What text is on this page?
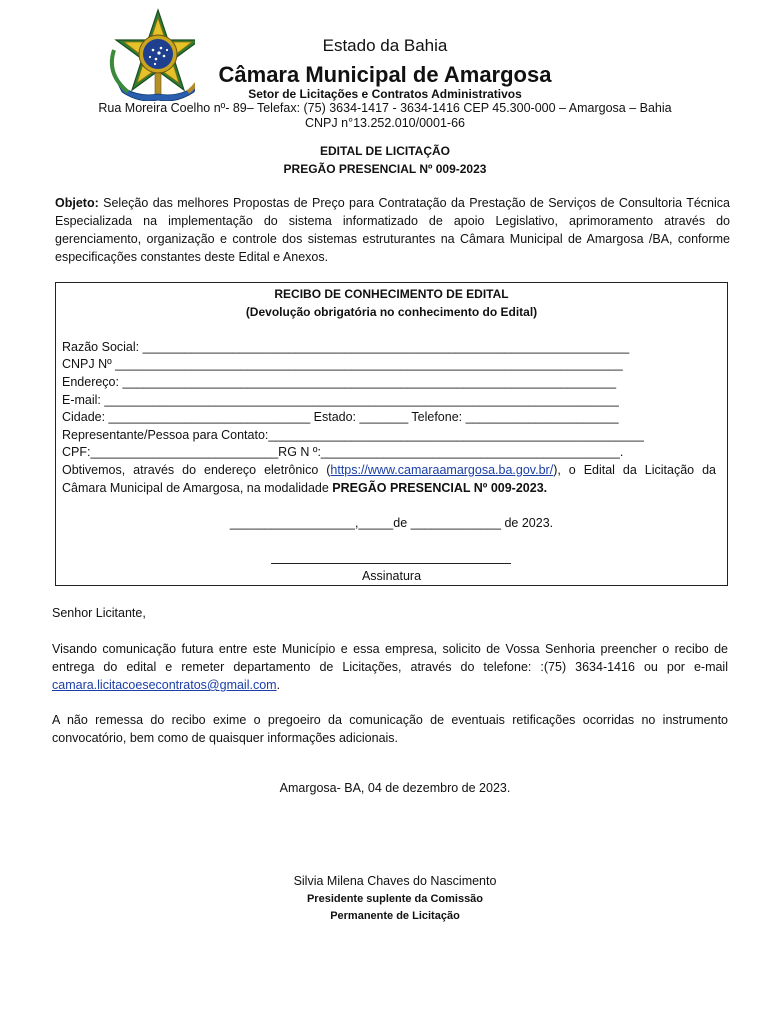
Estado da Bahia
Câmara Municipal de Amargosa
Setor de Licitações e Contratos Administrativos
Rua Moreira Coelho nº- 89– Telefax: (75) 3634-1417 - 3634-1416 CEP 45.300-000 – Amargosa – Bahia
CNPJ n°13.252.010/0001-66
EDITAL DE LICITAÇÃO
PREGÃO PRESENCIAL Nº 009-2023
Objeto: Seleção das melhores Propostas de Preço para Contratação da Prestação de Serviços de Consultoria Técnica Especializada na implementação do sistema informatizado de apoio Legislativo, aprimoramento através do gerenciamento, organização e controle dos sistemas estruturantes na Câmara Municipal de Amargosa /BA, conforme especificações constantes deste Edital e Anexos.
RECIBO DE CONHECIMENTO DE EDITAL
(Devolução obrigatória no conhecimento do Edital)
Razão Social: ______________________________________________________________________
CNPJ Nº _________________________________________________________________________
Endereço: _______________________________________________________________________
E-mail: __________________________________________________________________________
Cidade: _____________________________ Estado: _______ Telefone: ______________________
Representante/Pessoa para Contato:______________________________________________________
CPF:___________________________RG N º:___________________________________________.
Obtivemos, através do endereço eletrônico (https://www.camaraamargosa.ba.gov.br/), o Edital da Licitação da Câmara Municipal de Amargosa, na modalidade PREGÃO PRESENCIAL Nº 009-2023.
__________________,_____de _____________ de 2023.
Assinatura
Senhor Licitante,
Visando comunicação futura entre este Município e essa empresa, solicito de Vossa Senhoria preencher o recibo de entrega do edital e remeter departamento de Licitações, através do telefone: :(75) 3634-1416 ou por e-mail camara.licitacoesecontratos@gmail.com.
A não remessa do recibo exime o pregoeiro da comunicação de eventuais retificações ocorridas no instrumento convocatório, bem como de quaisquer informações adicionais.
Amargosa- BA, 04 de dezembro de 2023.
Silvia Milena Chaves do Nascimento
Presidente suplente da Comissão
Permanente de Licitação
